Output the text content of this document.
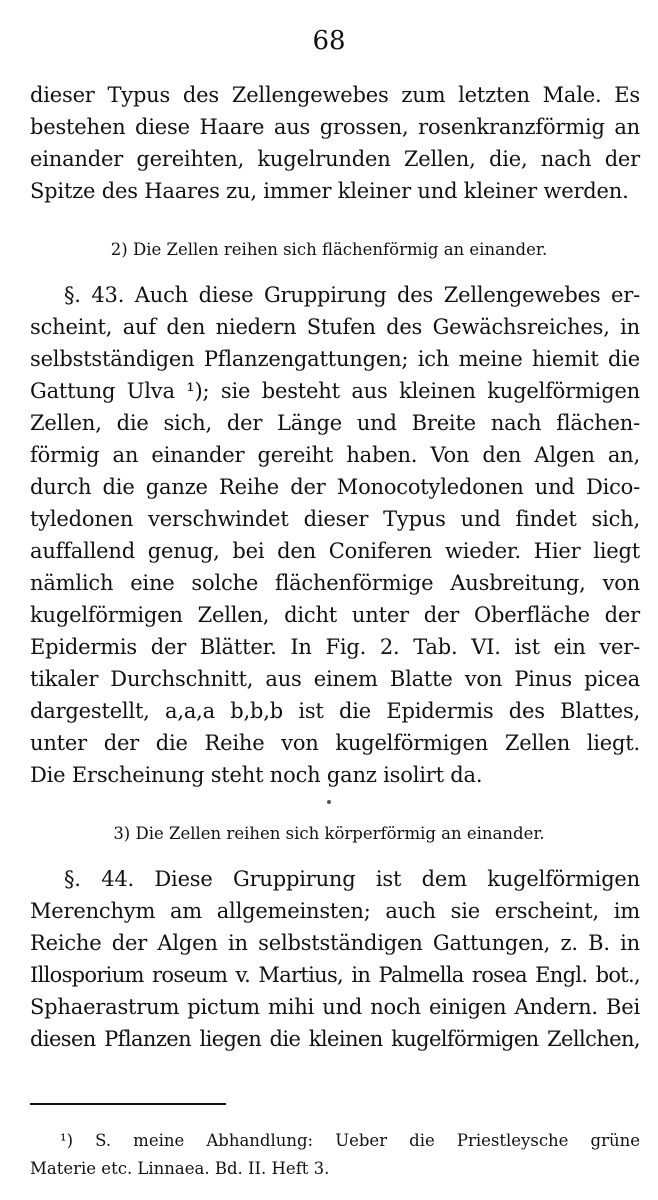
68
dieser Typus des Zellengewebes zum letzten Male. Es
bestehen diese Haare aus grossen, rosenkranzförmig an
einander gereihten, kugelrunden Zellen, die, nach der
Spitze des Haares zu, immer kleiner und kleiner werden.
2) Die Zellen reihen sich flächenförmig an einander.
§. 43. Auch diese Gruppirung des Zellengewebes er-
scheint, auf den niedern Stufen des Gewächsreiches, in
selbstständigen Pflanzengattungen; ich meine hiemit die
Gattung Ulva ¹); sie besteht aus kleinen kugelförmigen
Zellen, die sich, der Länge und Breite nach flächen-
förmig an einander gereiht haben. Von den Algen an,
durch die ganze Reihe der Monocotyledonen und Dico-
tyledonen verschwindet dieser Typus und findet sich,
auffallend genug, bei den Coniferen wieder. Hier liegt
nämlich eine solche flächenförmige Ausbreitung, von
kugelförmigen Zellen, dicht unter der Oberfläche der
Epidermis der Blätter. In Fig. 2. Tab. VI. ist ein ver-
tikaler Durchschnitt, aus einem Blatte von Pinus picea
dargestellt, a,a,a b,b,b ist die Epidermis des Blattes,
unter der die Reihe von kugelförmigen Zellen liegt.
Die Erscheinung steht noch ganz isolirt da.
3) Die Zellen reihen sich körperförmig an einander.
§. 44. Diese Gruppirung ist dem kugelförmigen
Merenchym am allgemeinsten; auch sie erscheint, im
Reiche der Algen in selbstständigen Gattungen, z. B. in
Illosporium roseum v. Martius, in Palmella rosea Engl. bot.,
Sphaerastrum pictum mihi und noch einigen Andern. Bei
diesen Pflanzen liegen die kleinen kugelförmigen Zellchen,
¹) S. meine Abhandlung: Ueber die Priestleysche grüne
Materie etc. Linnaea. Bd. II. Heft 3.
